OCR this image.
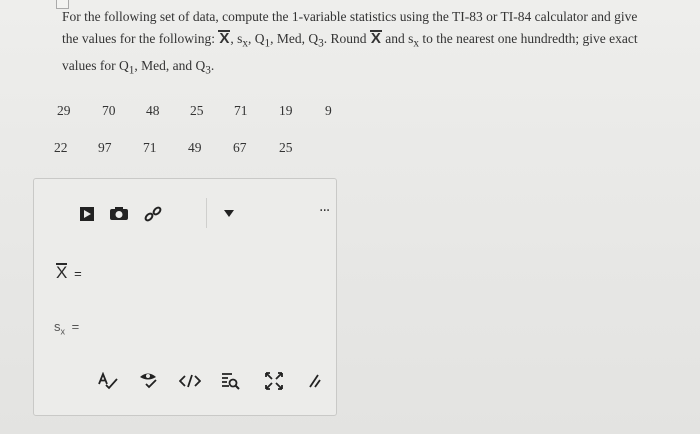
For the following set of data, compute the 1-variable statistics using the TI-83 or TI-84 calculator and give
the values for the following: X, $s_x$, $Q_1$, Med, $Q_3$. Round X and $s_x$ to the nearest one hundredth; give exact
values for $Q_1$, Med, and $Q_3$.
29 70 48 25 71 19 9
22 97 71 49 67 25
...
X =
$s_x$ =
